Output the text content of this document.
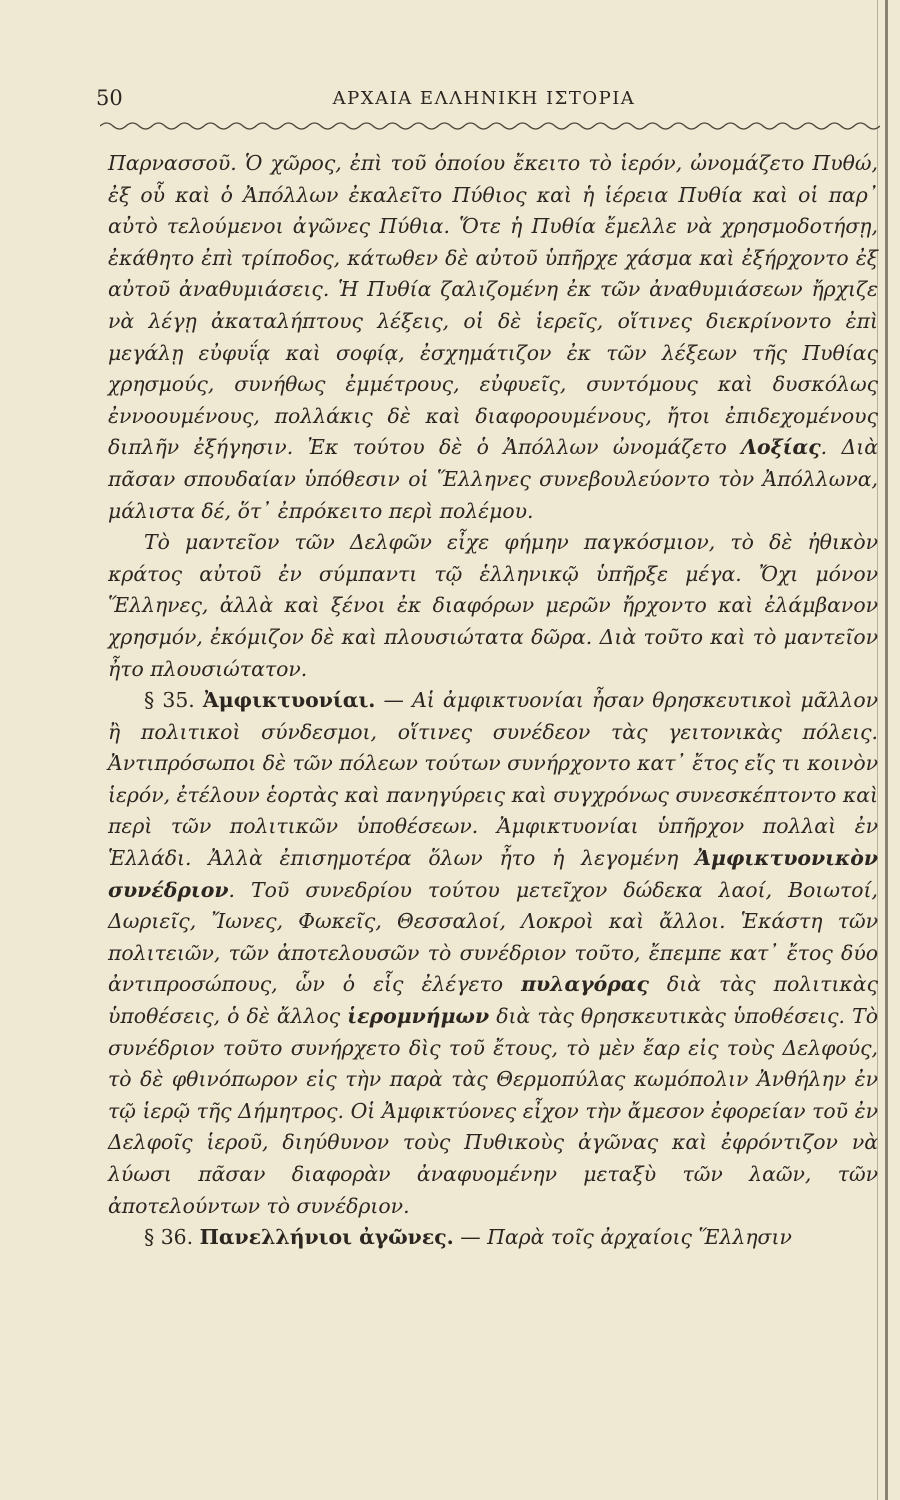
50	ΑΡΧΑΙΑ ΕΛΛΗΝΙΚΗ ΙΣΤΟΡΙΑ

Παρνασσοῦ. Ὁ χῶρος, ἐπὶ τοῦ ὁποίου ἔκειτο τὸ ἱερόν, ὠνομάζετο Πυθώ, ἐξ οὗ καὶ ὁ Ἀπόλλων ἐκαλεῖτο Πύθιος καὶ ἡ ἱέρεια Πυθία καὶ οἱ παρ᾽ αὐτὸ τελούμενοι ἀγῶνες Πύθια. Ὅτε ἡ Πυθία ἔμελλε νὰ χρησμοδοτήσῃ, ἐκάθητο ἐπὶ τρίποδος, κάτωθεν δὲ αὐτοῦ ὑπῆρχε χάσμα καὶ ἐξήρχοντο ἐξ αὐτοῦ ἀναθυμιάσεις. Ἡ Πυθία ζαλιζομένη ἐκ τῶν ἀναθυμιάσεων ἤρχιζε νὰ λέγῃ ἀκαταλήπτους λέξεις, οἱ δὲ ἱερεῖς, οἵτινες διεκρίνοντο ἐπὶ μεγάλῃ εὐφυΐᾳ καὶ σοφίᾳ, ἐσχημάτιζον ἐκ τῶν λέξεων τῆς Πυθίας χρησμούς, συνήθως ἐμμέτρους, εὐφυεῖς, συντόμους καὶ δυσκόλως ἐννοουμένους, πολλάκις δὲ καὶ διαφορουμένους, ἤτοι ἐπιδεχομένους διπλῆν ἐξήγησιν. Ἐκ τούτου δὲ ὁ Ἀπόλλων ὠνομάζετο Λοξίας. Διὰ πᾶσαν σπουδαίαν ὑπόθεσιν οἱ Ἕλληνες συνεβουλεύοντο τὸν Ἀπόλλωνα, μάλιστα δέ, ὅτ᾽ ἐπρόκειτο περὶ πολέμου.

Τὸ μαντεῖον τῶν Δελφῶν εἶχε φήμην παγκόσμιον, τὸ δὲ ἠθικὸν κράτος αὐτοῦ ἐν σύμπαντι τῷ ἑλληνικῷ ὑπῆρξε μέγα. Ὄχι μόνον Ἕλληνες, ἀλλὰ καὶ ξένοι ἐκ διαφόρων μερῶν ἤρχοντο καὶ ἐλάμβανον χρησμόν, ἐκόμιζον δὲ καὶ πλουσιώτατα δῶρα. Διὰ τοῦτο καὶ τὸ μαντεῖον ἦτο πλουσιώτατον.

§ 35. Ἀμφικτυονίαι. — Αἱ ἀμφικτυονίαι ἦσαν θρησκευτικοὶ μᾶλλον ἢ πολιτικοὶ σύνδεσμοι, οἵτινες συνέδεον τὰς γειτονικὰς πόλεις. Ἀντιπρόσωποι δὲ τῶν πόλεων τούτων συνήρχοντο κατ᾽ ἔτος εἴς τι κοινὸν ἱερόν, ἐτέλουν ἑορτὰς καὶ πανηγύρεις καὶ συγχρόνως συνεσκέπτοντο καὶ περὶ τῶν πολιτικῶν ὑποθέσεων. Ἀμφικτυονίαι ὑπῆρχον πολλαὶ ἐν Ἑλλάδι. Ἀλλὰ ἐπισημοτέρα ὅλων ἦτο ἡ λεγομένη Ἀμφικτυονικὸν συνέδριον. Τοῦ συνεδρίου τούτου μετεῖχον δώδεκα λαοί, Βοιωτοί, Δωριεῖς, Ἴωνες, Φωκεῖς, Θεσσαλοί, Λοκροὶ καὶ ἄλλοι. Ἑκάστη τῶν πολιτειῶν, τῶν ἀποτελουσῶν τὸ συνέδριον τοῦτο, ἔπεμπε κατ᾽ ἔτος δύο ἀντιπροσώπους, ὧν ὁ εἷς ἐλέγετο πυλαγόρας διὰ τὰς πολιτικὰς ὑποθέσεις, ὁ δὲ ἄλλος ἱερομνήμων διὰ τὰς θρησκευτικὰς ὑποθέσεις. Τὸ συνέδριον τοῦτο συνήρχετο δὶς τοῦ ἔτους, τὸ μὲν ἔαρ εἰς τοὺς Δελφούς, τὸ δὲ φθινόπωρον εἰς τὴν παρὰ τὰς Θερμοπύλας κωμόπολιν Ἀνθήλην ἐν τῷ ἱερῷ τῆς Δήμητρος. Οἱ Ἀμφικτύονες εἶχον τὴν ἄμεσον ἐφορείαν τοῦ ἐν Δελφοῖς ἱεροῦ, διηύθυνον τοὺς Πυθικοὺς ἀγῶνας καὶ ἐφρόντιζον νὰ λύωσι πᾶσαν διαφορὰν ἀναφυομένην μεταξὺ τῶν λαῶν, τῶν ἀποτελούντων τὸ συνέδριον.

§ 36. Πανελλήνιοι ἀγῶνες. — Παρὰ τοῖς ἀρχαίοις Ἕλλησιν
